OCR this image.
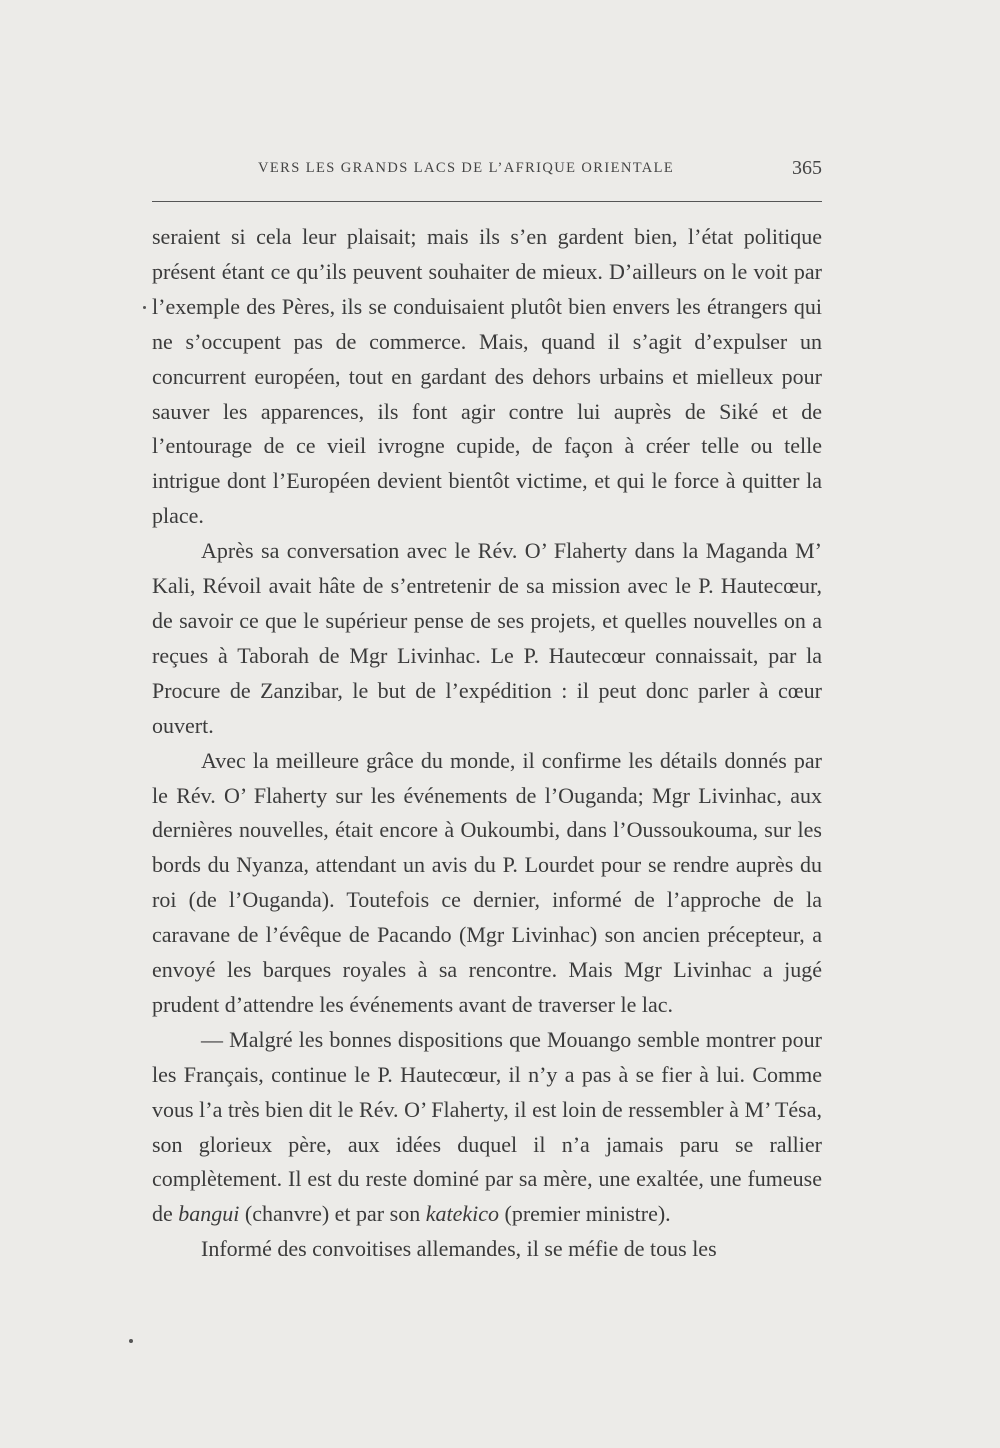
VERS LES GRANDS LACS DE L’AFRIQUE ORIENTALE	365

seraient si cela leur plaisait; mais ils s’en gardent bien, l’état politique présent étant ce qu’ils peuvent souhaiter de mieux. D’ailleurs on le voit par l’exemple des Pères, ils se conduisaient plutôt bien envers les étrangers qui ne s’occupent pas de commerce. Mais, quand il s’agit d’expulser un concurrent européen, tout en gardant des dehors urbains et mielleux pour sauver les apparences, ils font agir contre lui auprès de Siké et de l’entourage de ce vieil ivrogne cupide, de façon à créer telle ou telle intrigue dont l’Européen devient bientôt victime, et qui le force à quitter la place.

Après sa conversation avec le Rév. O’ Flaherty dans la Maganda M’ Kali, Révoil avait hâte de s’entretenir de sa mission avec le P. Hautecœur, de savoir ce que le supérieur pense de ses projets, et quelles nouvelles on a reçues à Taborah de Mgr Livinhac. Le P. Hautecœur connaissait, par la Procure de Zanzibar, le but de l’expédition : il peut donc parler à cœur ouvert.

Avec la meilleure grâce du monde, il confirme les détails donnés par le Rév. O’ Flaherty sur les événements de l’Ouganda; Mgr Livinhac, aux dernières nouvelles, était encore à Oukoumbi, dans l’Oussoukouma, sur les bords du Nyanza, attendant un avis du P. Lourdet pour se rendre auprès du roi (de l’Ouganda). Toutefois ce dernier, informé de l’approche de la caravane de l’évêque de Pacando (Mgr Livinhac) son ancien précepteur, a envoyé les barques royales à sa rencontre. Mais Mgr Livinhac a jugé prudent d’attendre les événements avant de traverser le lac.

— Malgré les bonnes dispositions que Mouango semble montrer pour les Français, continue le P. Hautecœur, il n’y a pas à se fier à lui. Comme vous l’a très bien dit le Rév. O’ Flaherty, il est loin de ressembler à M’ Tésa, son glorieux père, aux idées duquel il n’a jamais paru se rallier complètement. Il est du reste dominé par sa mère, une exaltée, une fumeuse de bangui (chanvre) et par son katekico (premier ministre).

Informé des convoitises allemandes, il se méfie de tous les
